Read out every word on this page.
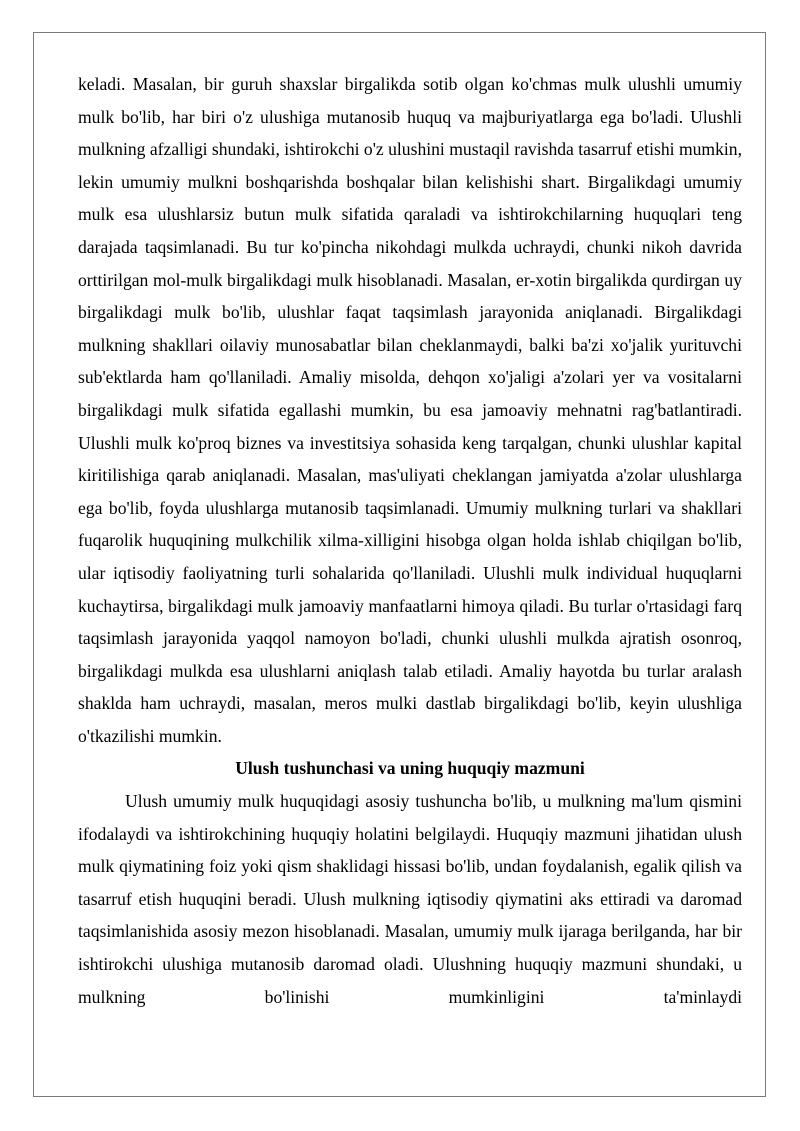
keladi. Masalan, bir guruh shaxslar birgalikda sotib olgan ko'chmas mulk ulushli umumiy mulk bo'lib, har biri o'z ulushiga mutanosib huquq va majburiyatlarga ega bo'ladi. Ulushli mulkning afzalligi shundaki, ishtirokchi o'z ulushini mustaqil ravishda tasarruf etishi mumkin, lekin umumiy mulkni boshqarishda boshqalar bilan kelishishi shart. Birgalikdagi umumiy mulk esa ulushlarsiz butun mulk sifatida qaraladi va ishtirokchilarning huquqlari teng darajada taqsimlanadi. Bu tur ko'pincha nikohdagi mulkda uchraydi, chunki nikoh davrida orttirilgan mol-mulk birgalikdagi mulk hisoblanadi. Masalan, er-xotin birgalikda qurdirgan uy birgalikdagi mulk bo'lib, ulushlar faqat taqsimlash jarayonida aniqlanadi. Birgalikdagi mulkning shakllari oilaviy munosabatlar bilan cheklanmaydi, balki ba'zi xo'jalik yurituvchi sub'ektlarda ham qo'llaniladi. Amaliy misolda, dehqon xo'jaligi a'zolari yer va vositalarni birgalikdagi mulk sifatida egallashi mumkin, bu esa jamoaviy mehnatni rag'batlantiradi. Ulushli mulk ko'proq biznes va investitsiya sohasida keng tarqalgan, chunki ulushlar kapital kiritilishiga qarab aniqlanadi. Masalan, mas'uliyati cheklangan jamiyatda a'zolar ulushlarga ega bo'lib, foyda ulushlarga mutanosib taqsimlanadi. Umumiy mulkning turlari va shakllari fuqarolik huquqining mulkchilik xilma-xilligini hisobga olgan holda ishlab chiqilgan bo'lib, ular iqtisodiy faoliyatning turli sohalarida qo'llaniladi. Ulushli mulk individual huquqlarni kuchaytirsa, birgalikdagi mulk jamoaviy manfaatlarni himoya qiladi. Bu turlar o'rtasidagi farq taqsimlash jarayonida yaqqol namoyon bo'ladi, chunki ulushli mulkda ajratish osonroq, birgalikdagi mulkda esa ulushlarni aniqlash talab etiladi. Amaliy hayotda bu turlar aralash shaklda ham uchraydi, masalan, meros mulki dastlab birgalikdagi bo'lib, keyin ulushliga o'tkazilishi mumkin.

Ulush tushunchasi va uning huquqiy mazmuni

Ulush umumiy mulk huquqidagi asosiy tushuncha bo'lib, u mulkning ma'lum qismini ifodalaydi va ishtirokchining huquqiy holatini belgilaydi. Huquqiy mazmuni jihatidan ulush mulk qiymatining foiz yoki qism shaklidagi hissasi bo'lib, undan foydalanish, egalik qilish va tasarruf etish huquqini beradi. Ulush mulkning iqtisodiy qiymatini aks ettiradi va daromad taqsimlanishida asosiy mezon hisoblanadi. Masalan, umumiy mulk ijaraga berilganda, har bir ishtirokchi ulushiga mutanosib daromad oladi. Ulushning huquqiy mazmuni shundaki, u mulkning bo'linishi mumkinligini ta'minlaydi
